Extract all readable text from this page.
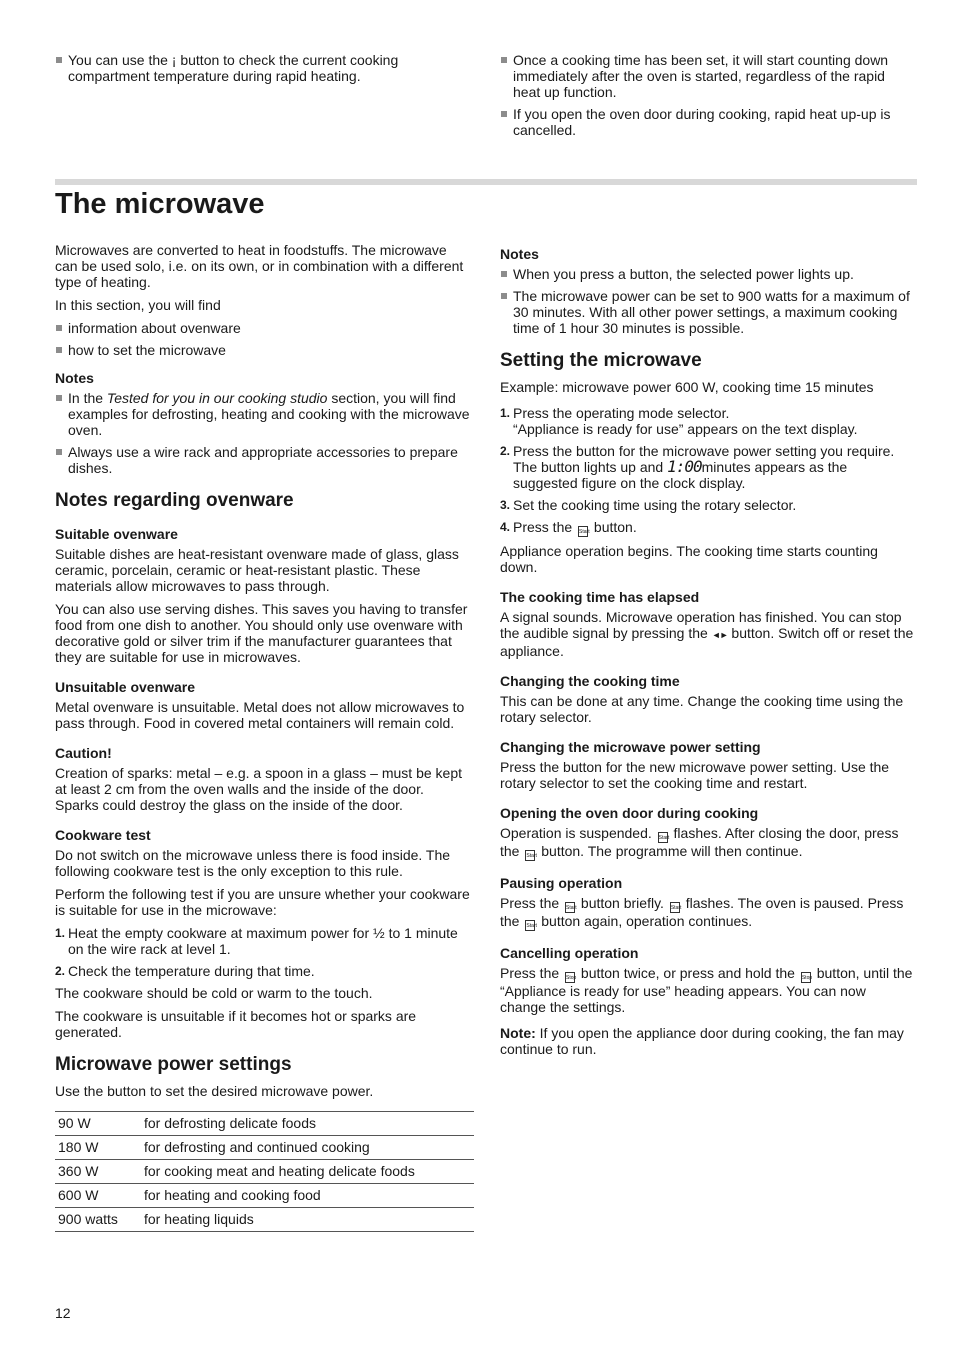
You can use the ¡ button to check the current cooking compartment temperature during rapid heating.
Once a cooking time has been set, it will start counting down immediately after the oven is started, regardless of the rapid heat up function.
If you open the oven door during cooking, rapid heat up-up is cancelled.
The microwave

Microwaves are converted to heat in foodstuffs. The microwave can be used solo, i.e. on its own, or in combination with a different type of heating.

In this section, you will find

information about ovenware
how to set the microwave
Notes
In the Tested for you in our cooking studio section, you will find examples for defrosting, heating and cooking with the microwave oven.
Always use a wire rack and appropriate accessories to prepare dishes.
Notes regarding ovenware
Suitable ovenware

Suitable dishes are heat-resistant ovenware made of glass, glass ceramic, porcelain, ceramic or heat-resistant plastic. These materials allow microwaves to pass through.

You can also use serving dishes. This saves you having to transfer food from one dish to another. You should only use ovenware with decorative gold or silver trim if the manufacturer guarantees that they are suitable for use in microwaves.

Unsuitable ovenware

Metal ovenware is unsuitable. Metal does not allow microwaves to pass through. Food in covered metal containers will remain cold.

Caution!

Creation of sparks: metal – e.g. a spoon in a glass – must be kept at least 2 cm from the oven walls and the inside of the door. Sparks could destroy the glass on the inside of the door.

Cookware test

Do not switch on the microwave unless there is food inside. The following cookware test is the only exception to this rule.

Perform the following test if you are unsure whether your cookware is suitable for use in the microwave:

1. Heat the empty cookware at maximum power for ½ to 1 minute on the wire rack at level 1.
2. Check the temperature during that time.

The cookware should be cold or warm to the touch.

The cookware is unsuitable if it becomes hot or sparks are generated.

Microwave power settings

Use the button to set the desired microwave power.

90 W	for defrosting delicate foods
180 W	for defrosting and continued cooking
360 W	for cooking meat and heating delicate foods
600 W	for heating and cooking food
900 watts	for heating liquids
Notes
When you press a button, the selected power lights up.
The microwave power can be set to 900 watts for a maximum of 30 minutes. With all other power settings, a maximum cooking time of 1 hour 30 minutes is possible.
Setting the microwave

Example: microwave power 600 W, cooking time 15 minutes

1. Press the operating mode selector.
“Appliance is ready for use” appears on the text display.
2. Press the button for the microwave power setting you require.
The button lights up and 1:00minutes appears as the suggested figure on the clock display.
3. Set the cooking time using the rotary selector.
4. Press the Start button.

Appliance operation begins. The cooking time starts counting down.

The cooking time has elapsed

A signal sounds. Microwave operation has finished. You can stop the audible signal by pressing the ◄► button. Switch off or reset the appliance.

Changing the cooking time

This can be done at any time. Change the cooking time using the rotary selector.

Changing the microwave power setting

Press the button for the new microwave power setting. Use the rotary selector to set the cooking time and restart.

Opening the oven door during cooking

Operation is suspended. Start flashes. After closing the door, press the Start button. The programme will then continue.

Pausing operation

Press the Start button briefly. Start flashes. The oven is paused. Press the Start button again, operation continues.

Cancelling operation

Press the Stop button twice, or press and hold the Stop button, until the “Appliance is ready for use” heading appears. You can now change the settings.

Note: If you open the appliance door during cooking, the fan may continue to run.

12
